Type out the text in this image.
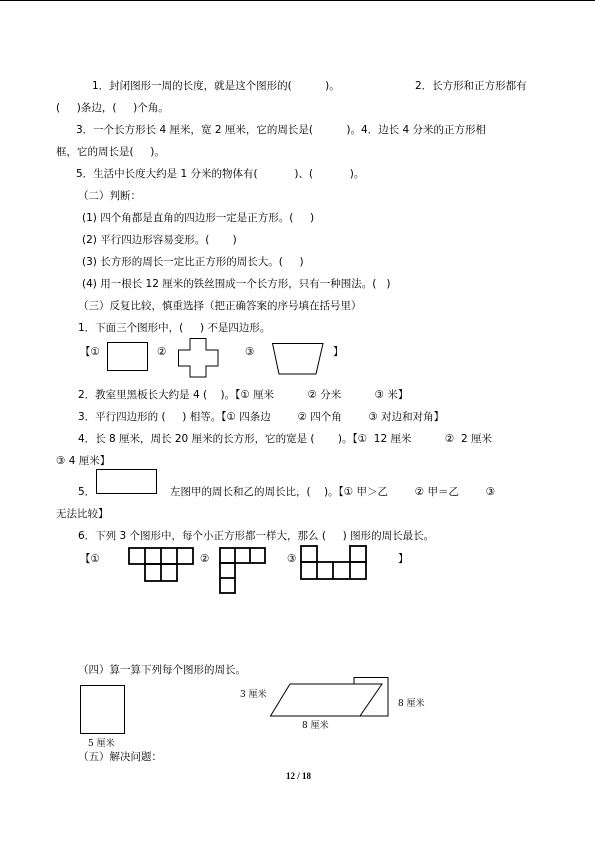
1．封闭图形一周的长度，就是这个图形的(          )。	2．长方形和正方形都有
(     )条边，(     )个角。
3．一个长方形长 4 厘米，宽 2 厘米，它的周长是(          )。4．边长 4 分米的正方形相
框，它的周长是(     )。
5．生活中长度大约是 1 分米的物体有(           )、(           )。
（二）判断：
(1) 四个角都是直角的四边形一定是正方形。(     )
(2) 平行四边形容易变形。(       )
(3) 长方形的周长一定比正方形的周长大。(     )
(4) 用一根长 12 厘米的铁丝围成一个长方形，只有一种围法。(   )
（三）反复比较，慎重选择（把正确答案的序号填在括号里）
1．下面三个图形中，(     ) 不是四边形。
【①	②	③	】
2．教室里黑板长大约是 4 (    )。【① 厘米          ② 分米          ③ 米】
3．平行四边形的 (     ) 相等。【① 四条边        ② 四个角        ③ 对边和对角】
4．长 8 厘米，周长 20 厘米的长方形，它的宽是 (       )。【①  12 厘米          ②  2 厘米
③ 4 厘米】
5．	左图甲的周长和乙的周长比，(    )。【① 甲＞乙        ② 甲＝乙        ③
无法比较】
6．下列 3 个图形中，每个小正方形都一样大，那么 (     ) 图形的周长最长。
【①	②	③	】
（四）算一算下列每个图形的周长。
5 厘米
3 厘米
8 厘米
8 厘米
（五）解决问题：
12 / 18
